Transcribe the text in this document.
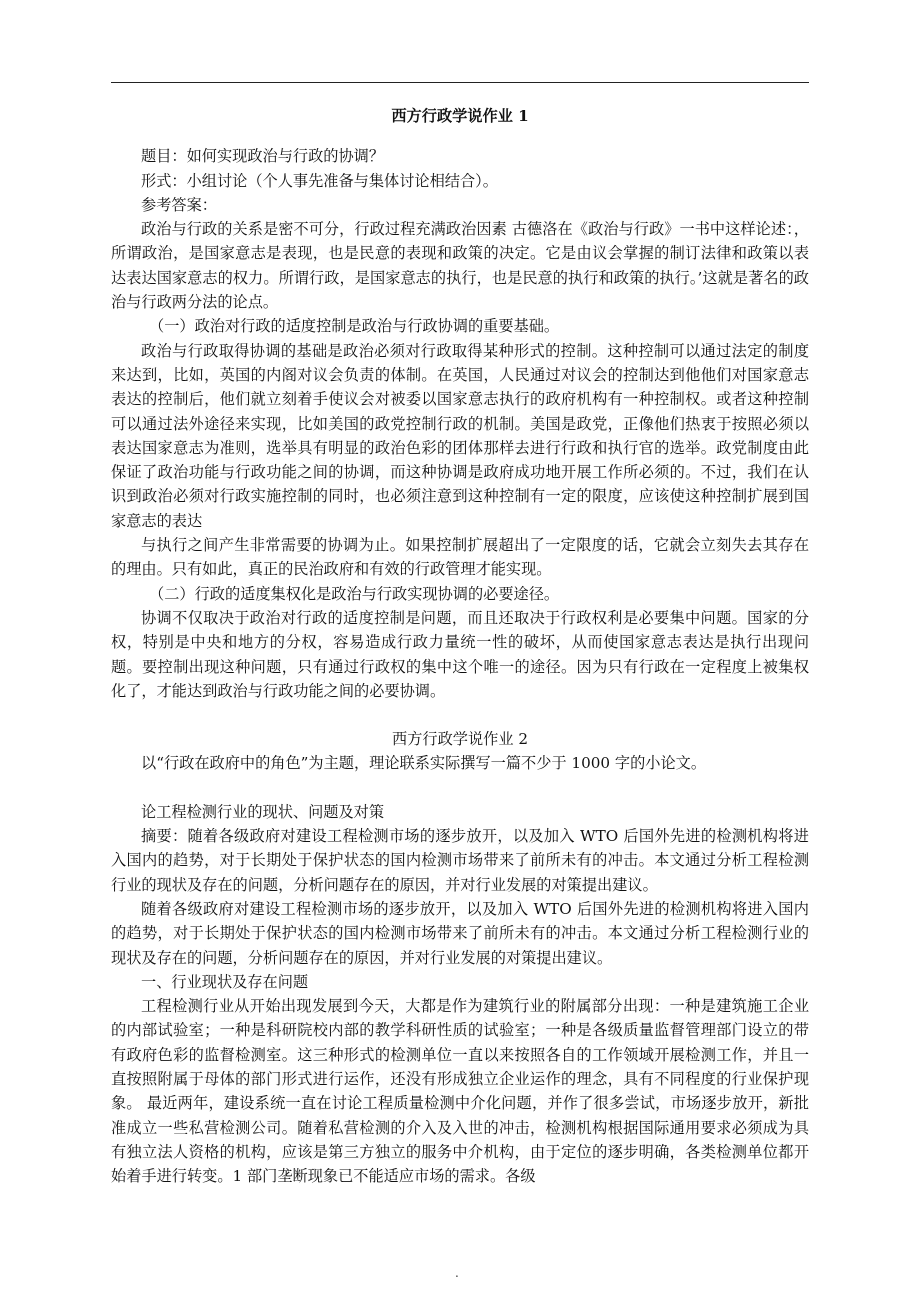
西方行政学说作业 1

题目：如何实现政治与行政的协调？

形式：小组讨论（个人事先准备与集体讨论相结合）。

参考答案：

政治与行政的关系是密不可分，行政过程充满政治因素 古德洛在《政治与行政》一书中这样论述：，所谓政治，是国家意志是表现，也是民意的表现和政策的决定。它是由议会掌握的制订法律和政策以表达表达国家意志的权力。所谓行政，是国家意志的执行，也是民意的执行和政策的执行。’这就是著名的政治与行政两分法的论点。

（一）政治对行政的适度控制是政治与行政协调的重要基础。

政治与行政取得协调的基础是政治必须对行政取得某种形式的控制。这种控制可以通过法定的制度来达到，比如，英国的内阁对议会负责的体制。在英国，人民通过对议会的控制达到他他们对国家意志表达的控制后，他们就立刻着手使议会对被委以国家意志执行的政府机构有一种控制权。或者这种控制可以通过法外途径来实现，比如美国的政党控制行政的机制。美国是政党，正像他们热衷于按照必须以表达国家意志为准则，选举具有明显的政治色彩的团体那样去进行行政和执行官的选举。政党制度由此保证了政治功能与行政功能之间的协调，而这种协调是政府成功地开展工作所必须的。不过，我们在认识到政治必须对行政实施控制的同时，也必须注意到这种控制有一定的限度，应该使这种控制扩展到国家意志的表达

与执行之间产生非常需要的协调为止。如果控制扩展超出了一定限度的话，它就会立刻失去其存在的理由。只有如此，真正的民治政府和有效的行政管理才能实现。

（二）行政的适度集权化是政治与行政实现协调的必要途径。

协调不仅取决于政治对行政的适度控制是问题，而且还取决于行政权利是必要集中问题。国家的分权，特别是中央和地方的分权，容易造成行政力量统一性的破坏，从而使国家意志表达是执行出现问题。要控制出现这种问题，只有通过行政权的集中这个唯一的途径。因为只有行政在一定程度上被集权化了，才能达到政治与行政功能之间的必要协调。

西方行政学说作业 2

以“行政在政府中的角色”为主题，理论联系实际撰写一篇不少于 1000 字的小论文。

论工程检测行业的现状、问题及对策

摘要：随着各级政府对建设工程检测市场的逐步放开，以及加入 WTO 后国外先进的检测机构将进入国内的趋势，对于长期处于保护状态的国内检测市场带来了前所未有的冲击。本文通过分析工程检测行业的现状及存在的问题，分析问题存在的原因，并对行业发展的对策提出建议。

随着各级政府对建设工程检测市场的逐步放开，以及加入 WTO 后国外先进的检测机构将进入国内的趋势，对于长期处于保护状态的国内检测市场带来了前所未有的冲击。本文通过分析工程检测行业的现状及存在的问题，分析问题存在的原因，并对行业发展的对策提出建议。

一、行业现状及存在问题

工程检测行业从开始出现发展到今天，大都是作为建筑行业的附属部分出现：一种是建筑施工企业的内部试验室；一种是科研院校内部的教学科研性质的试验室；一种是各级质量监督管理部门设立的带有政府色彩的监督检测室。这三种形式的检测单位一直以来按照各自的工作领域开展检测工作，并且一直按照附属于母体的部门形式进行运作，还没有形成独立企业运作的理念，具有不同程度的行业保护现象。 最近两年，建设系统一直在讨论工程质量检测中介化问题，并作了很多尝试，市场逐步放开，新批准成立一些私营检测公司。随着私营检测的介入及入世的冲击，检测机构根据国际通用要求必须成为具有独立法人资格的机构，应该是第三方独立的服务中介机构，由于定位的逐步明确，各类检测单位都开始着手进行转变。1 部门垄断现象已不能适应市场的需求。各级

.
